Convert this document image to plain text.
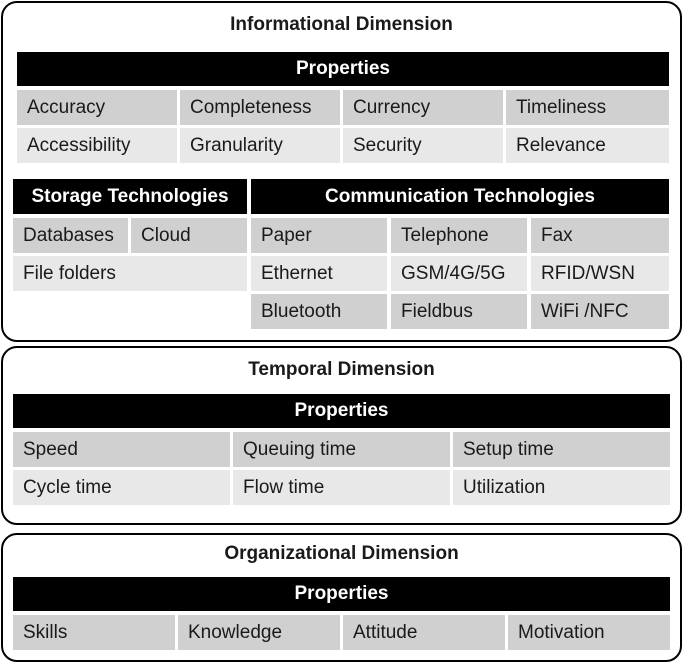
Informational Dimension
Properties
Accuracy	Completeness	Currency	Timeliness
Accessibility	Granularity	Security	Relevance
Storage Technologies
Databases	Cloud
File folders
Communication Technologies
Paper	Telephone	Fax
Ethernet	GSM/4G/5G	RFID/WSN
Bluetooth	Fieldbus	WiFi /NFC
Temporal Dimension
Properties
Speed	Queuing time	Setup time
Cycle time	Flow time	Utilization
Organizational Dimension
Properties
Skills	Knowledge	Attitude	Motivation
